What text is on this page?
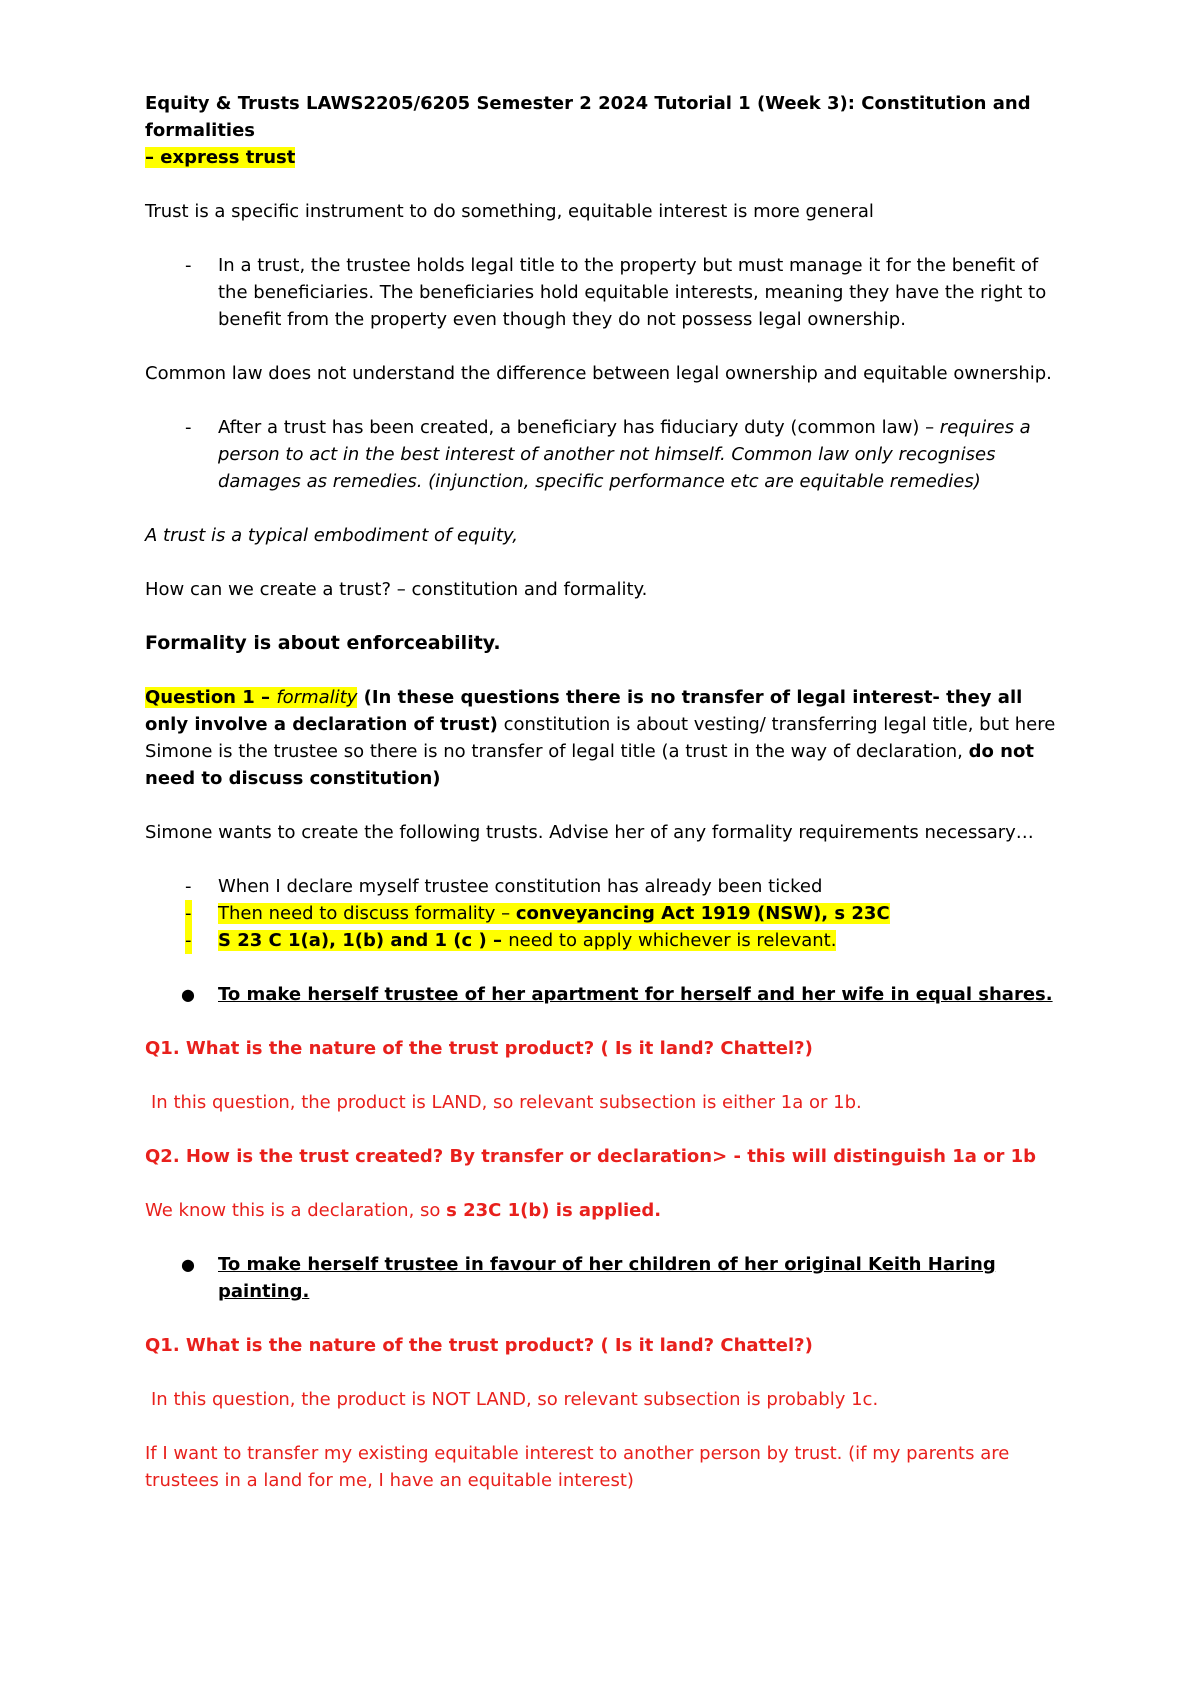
Equity & Trusts LAWS2205/6205 Semester 2 2024 Tutorial 1 (Week 3): Constitution and formalities
– express trust

Trust is a specific instrument to do something, equitable interest is more general

- In a trust, the trustee holds legal title to the property but must manage it for the benefit of the beneficiaries. The beneficiaries hold equitable interests, meaning they have the right to benefit from the property even though they do not possess legal ownership.

Common law does not understand the difference between legal ownership and equitable ownership.

- After a trust has been created, a beneficiary has fiduciary duty (common law) – requires a person to act in the best interest of another not himself. Common law only recognises damages as remedies. (injunction, specific performance etc are equitable remedies)

A trust is a typical embodiment of equity,

How can we create a trust? – constitution and formality.

Formality is about enforceability.

Question 1 – formality (In these questions there is no transfer of legal interest- they all only involve a declaration of trust) constitution is about vesting/ transferring legal title, but here Simone is the trustee so there is no transfer of legal title (a trust in the way of declaration, do not need to discuss constitution)

Simone wants to create the following trusts. Advise her of any formality requirements necessary…

- When I declare myself trustee constitution has already been ticked
- Then need to discuss formality – conveyancing Act 1919 (NSW), s 23C
- S 23 C 1(a), 1(b) and 1 (c ) – need to apply whichever is relevant.
● To make herself trustee of her apartment for herself and her wife in equal shares.

Q1. What is the nature of the trust product? ( Is it land? Chattel?)

In this question, the product is LAND, so relevant subsection is either 1a or 1b.

Q2. How is the trust created? By transfer or declaration> - this will distinguish 1a or 1b

We know this is a declaration, so s 23C 1(b) is applied.

● To make herself trustee in favour of her children of her original Keith Haring painting.

Q1. What is the nature of the trust product? ( Is it land? Chattel?)

In this question, the product is NOT LAND, so relevant subsection is probably 1c.

If I want to transfer my existing equitable interest to another person by trust. (if my parents are trustees in a land for me, I have an equitable interest)
